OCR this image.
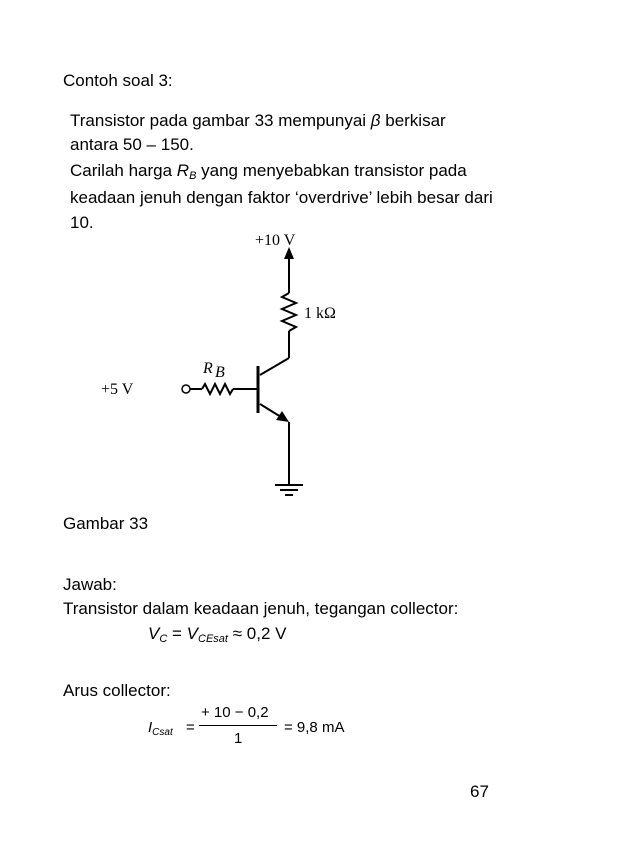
Contoh soal 3:
Transistor pada gambar 33 mempunyai β berkisar
antara 50 – 150.
Carilah harga $R_B$ yang menyebabkan transistor pada
keadaan jenuh dengan faktor ‘overdrive’ lebih besar dari
10.
+10 V
1 kΩ
R B
+5 V
Gambar 33
Jawab:
Transistor dalam keadaan jenuh, tegangan collector:
$V_C = V_{CEsat} \approx 0,2$ V
Arus collector:
$I_{Csat}$ =
+ 10 − 0,2
1
= 9,8 mA
67
